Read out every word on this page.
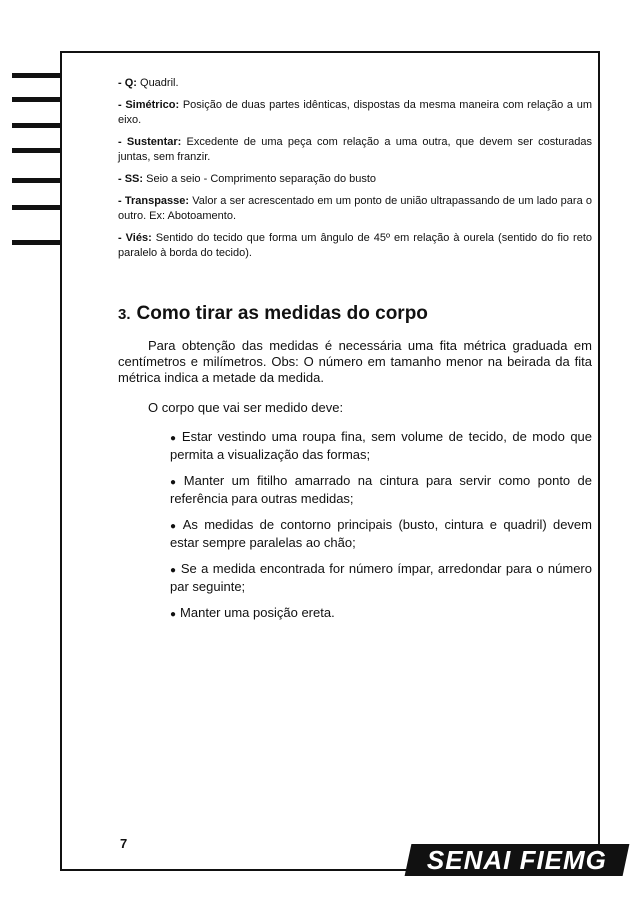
- Q: Quadril.

- Simétrico: Posição de duas partes idênticas, dispostas da mesma maneira com relação a um eixo.

- Sustentar: Excedente de uma peça com relação a uma outra, que devem ser costuradas juntas, sem franzir.

- SS: Seio a seio - Comprimento separação do busto

- Transpasse: Valor a ser acrescentado em um ponto de união ultrapassando de um lado para o outro. Ex: Abotoamento.

- Viés: Sentido do tecido que forma um ângulo de 45º em relação à ourela (sentido do fio reto paralelo à borda do tecido).

3. Como tirar as medidas do corpo

Para obtenção das medidas é necessária uma fita métrica graduada em centímetros e milímetros. Obs: O número em tamanho menor na beirada da fita métrica indica a metade da medida.

O corpo que vai ser medido deve:

● Estar vestindo uma roupa fina, sem volume de tecido, de modo que permita a visualização das formas;
● Manter um fitilho amarrado na cintura para servir como ponto de referência para outras medidas;
● As medidas de contorno principais (busto, cintura e quadril) devem estar sempre paralelas ao chão;
● Se a medida encontrada for número ímpar, arredondar para o número par seguinte;
● Manter uma posição ereta.
7
SENAI FIEMG
